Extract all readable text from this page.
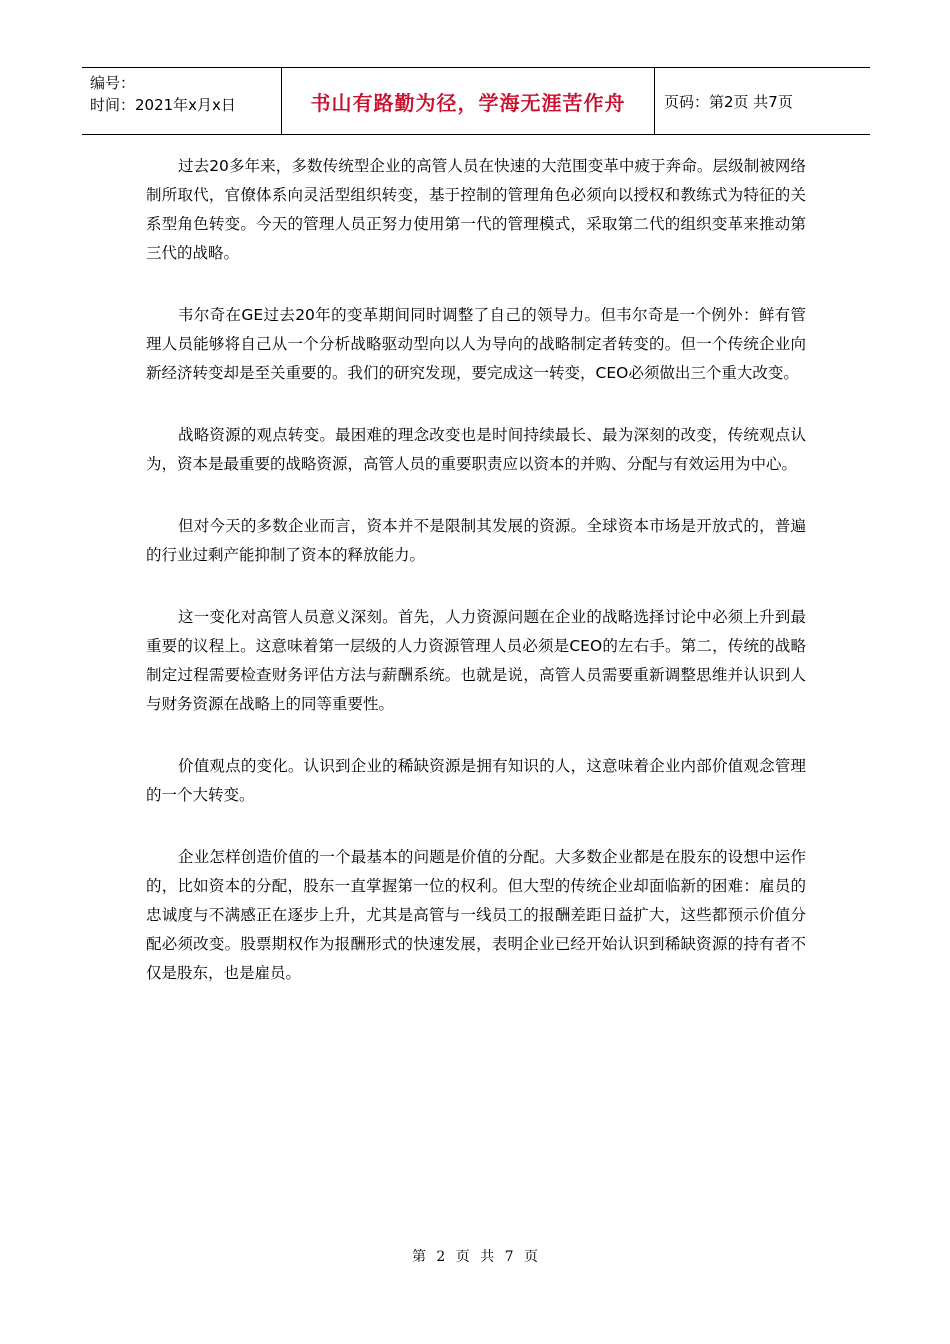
编号：
时间：2021年x月x日	书山有路勤为径，学海无涯苦作舟	页码：第2页 共7页

过去20多年来，多数传统型企业的高管人员在快速的大范围变革中疲于奔命。层级制被网络制所取代，官僚体系向灵活型组织转变，基于控制的管理角色必须向以授权和教练式为特征的关系型角色转变。今天的管理人员正努力使用第一代的管理模式，采取第二代的组织变革来推动第三代的战略。

韦尔奇在GE过去20年的变革期间同时调整了自己的领导力。但韦尔奇是一个例外：鲜有管理人员能够将自己从一个分析战略驱动型向以人为导向的战略制定者转变的。但一个传统企业向新经济转变却是至关重要的。我们的研究发现，要完成这一转变，CEO必须做出三个重大改变。

战略资源的观点转变。最困难的理念改变也是时间持续最长、最为深刻的改变，传统观点认为，资本是最重要的战略资源，高管人员的重要职责应以资本的并购、分配与有效运用为中心。

但对今天的多数企业而言，资本并不是限制其发展的资源。全球资本市场是开放式的，普遍的行业过剩产能抑制了资本的释放能力。

这一变化对高管人员意义深刻。首先，人力资源问题在企业的战略选择讨论中必须上升到最重要的议程上。这意味着第一层级的人力资源管理人员必须是CEO的左右手。第二，传统的战略制定过程需要检查财务评估方法与薪酬系统。也就是说，高管人员需要重新调整思维并认识到人与财务资源在战略上的同等重要性。

价值观点的变化。认识到企业的稀缺资源是拥有知识的人，这意味着企业内部价值观念管理的一个大转变。

企业怎样创造价值的一个最基本的问题是价值的分配。大多数企业都是在股东的设想中运作的，比如资本的分配，股东一直掌握第一位的权利。但大型的传统企业却面临新的困难：雇员的忠诚度与不满感正在逐步上升，尤其是高管与一线员工的报酬差距日益扩大，这些都预示价值分配必须改变。股票期权作为报酬形式的快速发展，表明企业已经开始认识到稀缺资源的持有者不仅是股东，也是雇员。

第 2 页 共 7 页
